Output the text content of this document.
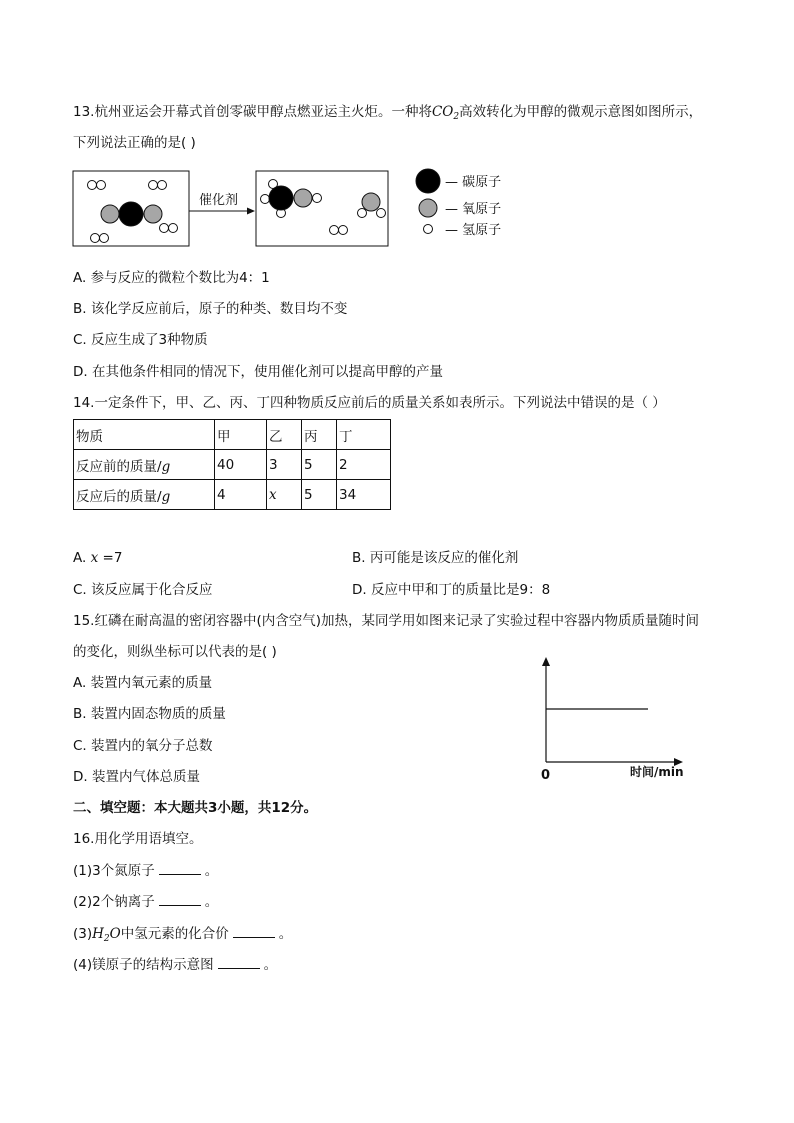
13.杭州亚运会开幕式首创零碳甲醇点燃亚运主火炬。一种将$CO_2$高效转化为甲醇的微观示意图如图所示，
下列说法正确的是( )
催化剂
— 碳原子
— 氧原子
— 氢原子
A. 参与反应的微粒个数比为4：1
B. 该化学反应前后，原子的种类、数目均不变
C. 反应生成了3种物质
D. 在其他条件相同的情况下，使用催化剂可以提高甲醇的产量
14.一定条件下，甲、乙、丙、丁四种物质反应前后的质量关系如表所示。下列说法中错误的是（ ）
物质	甲	乙	丙	丁
反应前的质量/g	40	3	5	2
反应后的质量/g	4	x	5	34
A. x =7	B. 丙可能是该反应的催化剂
C. 该反应属于化合反应	D. 反应中甲和丁的质量比是9：8
15.红磷在耐高温的密闭容器中(内含空气)加热，某同学用如图来记录了实验过程中容器内物质质量随时间
的变化，则纵坐标可以代表的是( )
A. 装置内氧元素的质量
B. 装置内固态物质的质量
C. 装置内的氧分子总数
D. 装置内气体总质量	0	时间/min
二、填空题：本大题共3小题，共12分。
16.用化学用语填空。
(1)3个氮原子	。
(2)2个钠离子	。
$(3)H_2O$中氢元素的化合价	。
(4)镁原子的结构示意图	。
